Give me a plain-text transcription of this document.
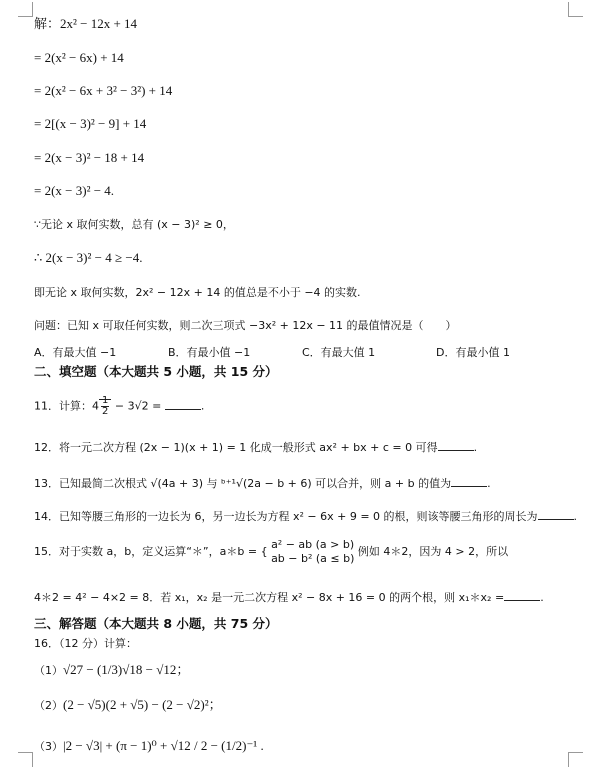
解：2x² − 12x + 14
= 2(x² − 6x) + 14
= 2(x² − 6x + 3² − 3²) + 14
= 2[(x − 3)² − 9] + 14
= 2(x − 3)² − 18 + 14
= 2(x − 3)² − 4.
∵无论 x 取何实数，总有 (x − 3)² ≥ 0，
∴ 2(x − 3)² − 4 ≥ −4.
即无论 x 取何实数，2x² − 12x + 14 的值总是不小于 −4 的实数.
问题：已知 x 可取任何实数，则二次三项式 −3x² + 12x − 11 的最值情况是（　　）
A．有最大值 −1	B．有最小值 −1	C．有最大值 1	D．有最小值 1
二、填空题（本大题共 5 小题，共 15 分）
11．计算：$4 \frac{1}{2} - 3√2$ =	.
12．将一元二次方程 (2x − 1)(x + 1) = 1 化成一般形式 ax² + bx + c = 0 可得	.
13．已知最简二次根式 √(4a + 3) 与 ᵇ⁺¹√(2a − b + 6) 可以合并，则 a + b 的值为	.
14．已知等腰三角形的一边长为 6，另一边长为方程 x² − 6x + 9 = 0 的根，则该等腰三角形的周长为	.
15．对于实数 a，b，定义运算“＊”，a＊b = {
a² − ab (a > b)
ab − b² (a ≤ b)
例如 4＊2，因为 4 > 2，所以
4＊2 = 4² − 4×2 = 8．若 x₁，x₂ 是一元二次方程 x² − 8x + 16 = 0 的两个根，则 x₁＊x₂ =	.
三、解答题（本大题共 8 小题，共 75 分）
16．（12 分）计算：
（1）√27 − (1/3)√18 − √12；
（2）(2 − √5)(2 + √5) − (2 − √2)²；
（3）|2 − √3| + (π − 1)⁰ + √12 / 2 − (1/2)⁻¹ .
